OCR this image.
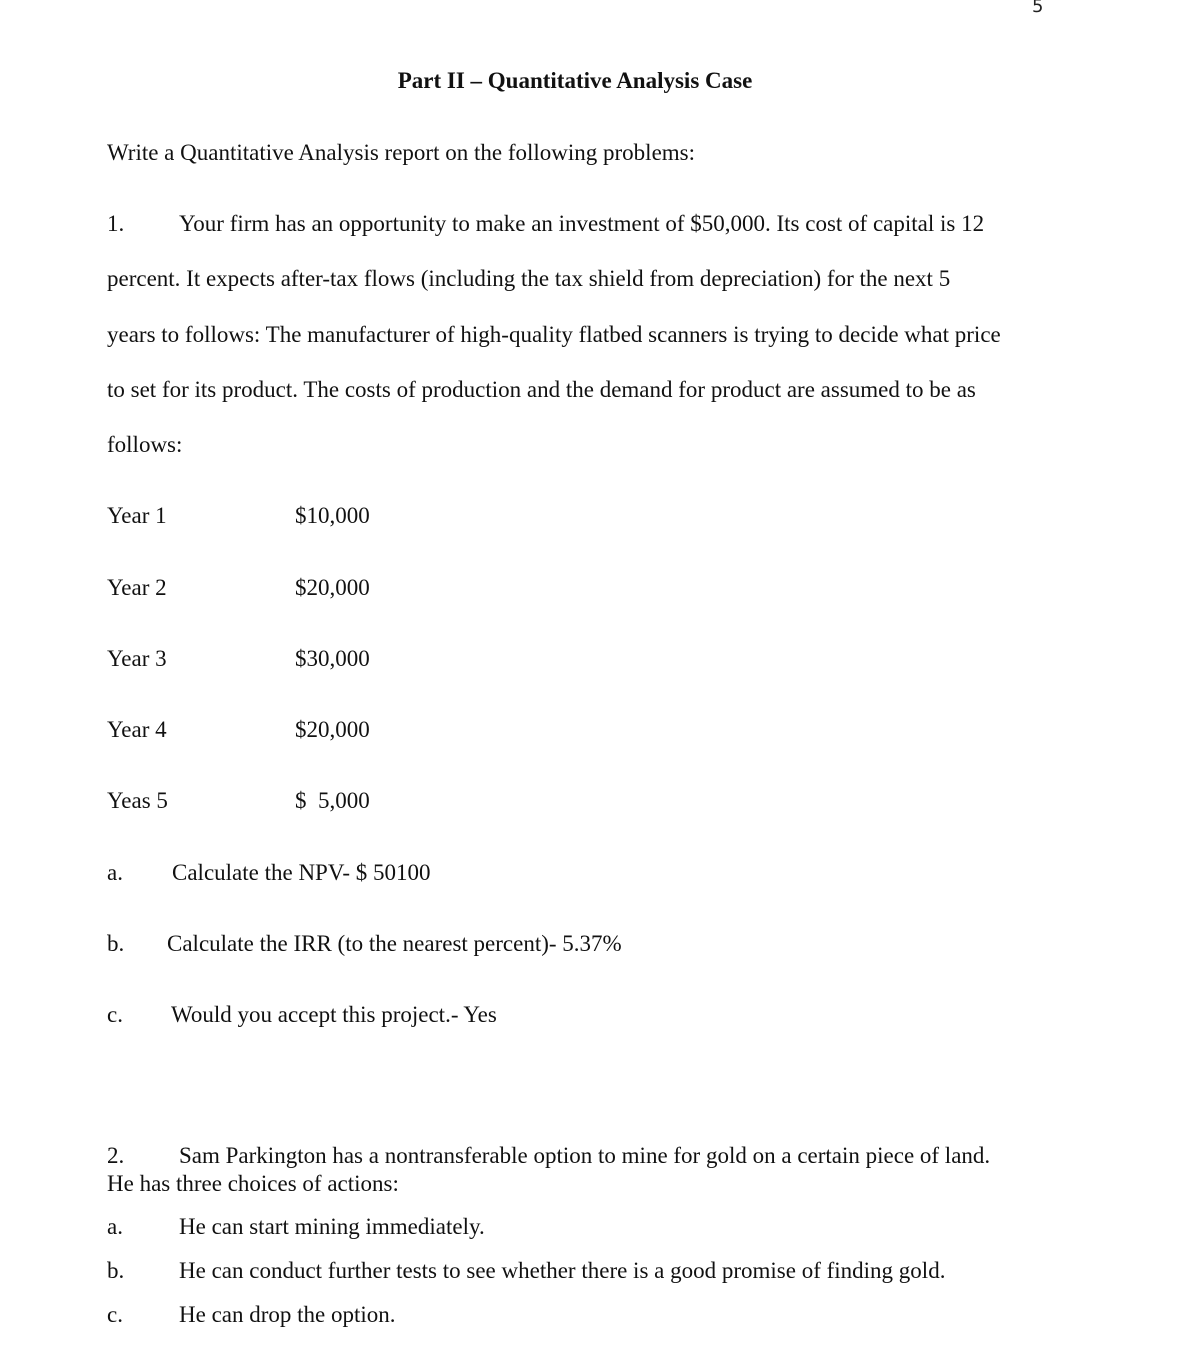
5
Part II – Quantitative Analysis Case
Write a Quantitative Analysis report on the following problems:
1. Your firm has an opportunity to make an investment of $50,000. Its cost of capital is 12
percent. It expects after-tax flows (including the tax shield from depreciation) for the next 5
years to follows: The manufacturer of high-quality flatbed scanners is trying to decide what price
to set for its product. The costs of production and the demand for product are assumed to be as
follows:
Year 1	$10,000
Year 2	$20,000
Year 3	$30,000
Year 4	$20,000
Yeas 5	$  5,000
a. Calculate the NPV- $ 50100
b. Calculate the IRR (to the nearest percent)- 5.37%
c. Would you accept this project.- Yes
2. Sam Parkington has a nontransferable option to mine for gold on a certain piece of land.
He has three choices of actions:
a. He can start mining immediately.
b. He can conduct further tests to see whether there is a good promise of finding gold.
c. He can drop the option.
